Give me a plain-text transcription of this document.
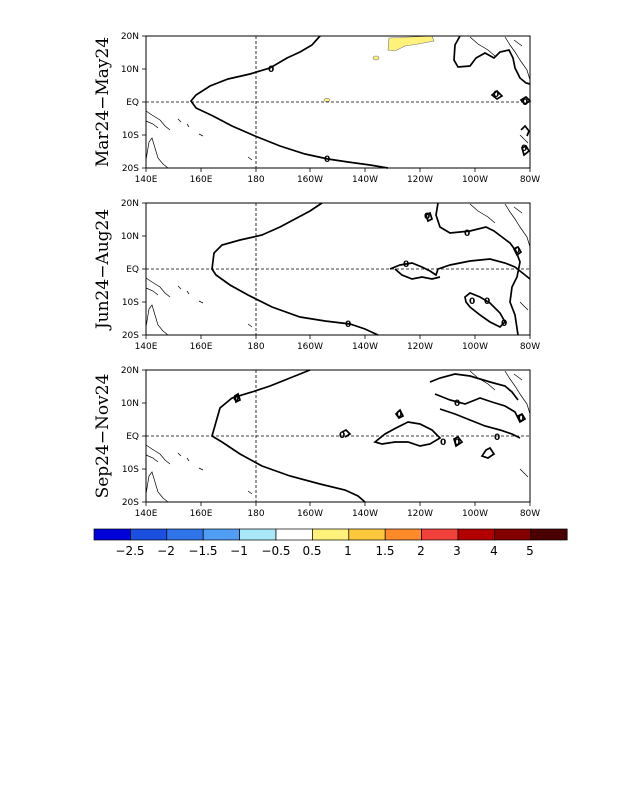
0
0
0
0
0
20N
10N
EQ
10S
20S
140E	160E	180	160W	140W	120W	100W	80W
Mar24−May24
0
0
0
0
0 0
0
0
20N
10N
EQ
10S
20S
140E	160E	180	160W	140W	120W	100W	80W
Jun24−Aug24
0
0
0
0
0 0	0
0
20N
10N
EQ
10S
20S
140E	160E	180	160W	140W	120W	100W	80W
Sep24−Nov24
−2.5 −2 −1.5 −1 −0.5 0.5 1 1.5 2 3 4 5
